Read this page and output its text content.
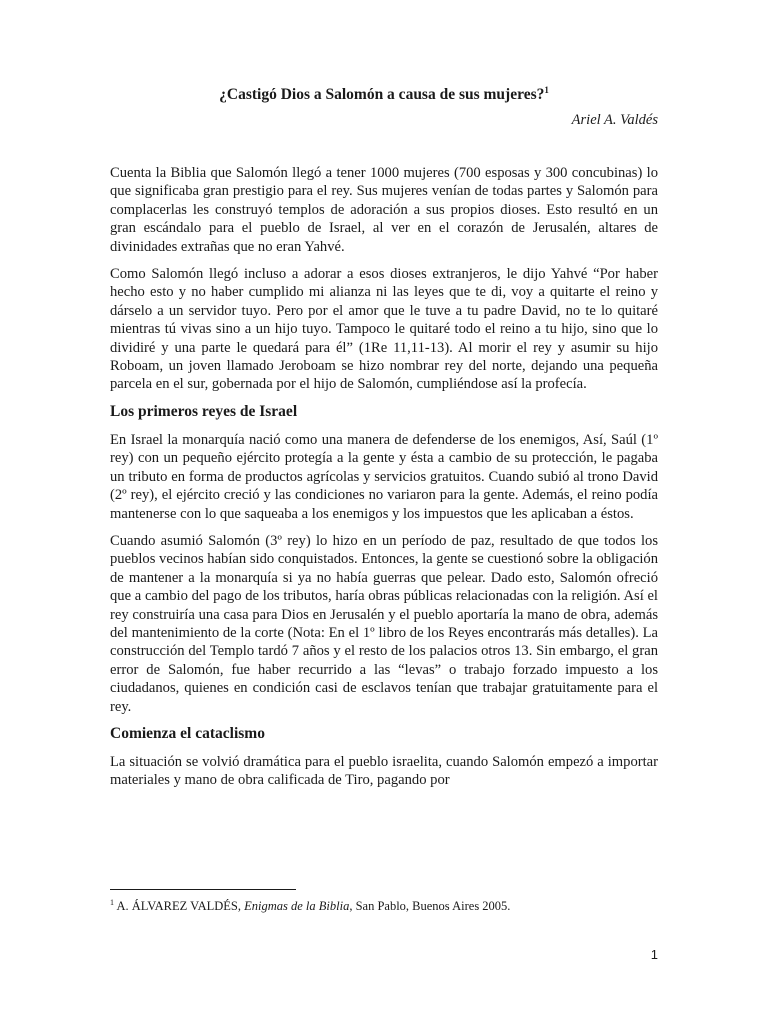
¿Castigó Dios a Salomón a causa de sus mujeres?$^1$

Ariel A. Valdés

Cuenta la Biblia que Salomón llegó a tener 1000 mujeres (700 esposas y 300 concubinas) lo que significaba gran prestigio para el rey. Sus mujeres venían de todas partes y Salomón para complacerlas les construyó templos de adoración a sus propios dioses. Esto resultó en un gran escándalo para el pueblo de Israel, al ver en el corazón de Jerusalén, altares de divinidades extrañas que no eran Yahvé.

Como Salomón llegó incluso a adorar a esos dioses extranjeros, le dijo Yahvé “Por haber hecho esto y no haber cumplido mi alianza ni las leyes que te di, voy a quitarte el reino y dárselo a un servidor tuyo. Pero por el amor que le tuve a tu padre David, no te lo quitaré mientras tú vivas sino a un hijo tuyo. Tampoco le quitaré todo el reino a tu hijo, sino que lo dividiré y una parte le quedará para él” (1Re 11,11-13). Al morir el rey y asumir su hijo Roboam, un joven llamado Jeroboam se hizo nombrar rey del norte, dejando una pequeña parcela en el sur, gobernada por el hijo de Salomón, cumpliéndose así la profecía.

Los primeros reyes de Israel

En Israel la monarquía nació como una manera de defenderse de los enemigos, Así, Saúl (1º rey) con un pequeño ejército protegía a la gente y ésta a cambio de su protección, le pagaba un tributo en forma de productos agrícolas y servicios gratuitos. Cuando subió al trono David (2º rey), el ejército creció y las condiciones no variaron para la gente. Además, el reino podía mantenerse con lo que saqueaba a los enemigos y los impuestos que les aplicaban a éstos.

Cuando asumió Salomón (3º rey) lo hizo en un período de paz, resultado de que todos los pueblos vecinos habían sido conquistados. Entonces, la gente se cuestionó sobre la obligación de mantener a la monarquía si ya no había guerras que pelear. Dado esto, Salomón ofreció que a cambio del pago de los tributos, haría obras públicas relacionadas con la religión. Así el rey construiría una casa para Dios en Jerusalén y el pueblo aportaría la mano de obra, además del mantenimiento de la corte (Nota: En el 1º libro de los Reyes encontrarás más detalles). La construcción del Templo tardó 7 años y el resto de los palacios otros 13. Sin embargo, el gran error de Salomón, fue haber recurrido a las “levas” o trabajo forzado impuesto a los ciudadanos, quienes en condición casi de esclavos tenían que trabajar gratuitamente para el rey.

Comienza el cataclismo

La situación se volvió dramática para el pueblo israelita, cuando Salomón empezó a importar materiales y mano de obra calificada de Tiro, pagando por

$^1$ A. ÁLVAREZ VALDÉS, Enigmas de la Biblia, San Pablo, Buenos Aires 2005.

1
